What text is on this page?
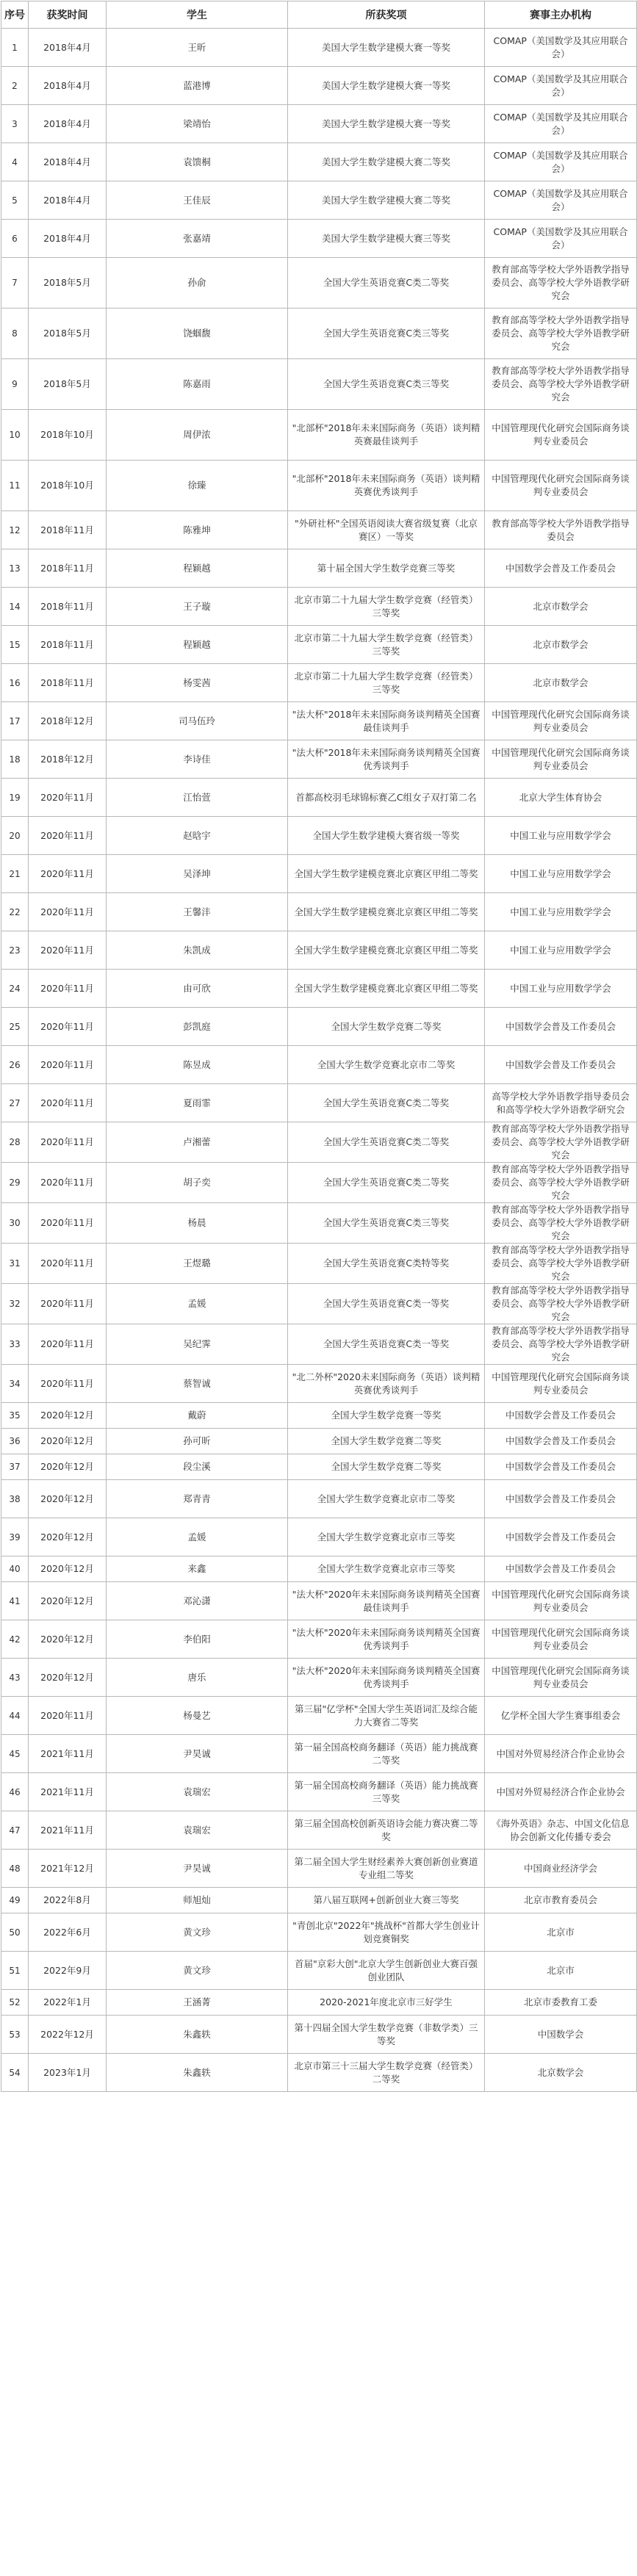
序号	获奖时间	学生	所获奖项	赛事主办机构
1	2018年4月	王昕	美国大学生数学建模大赛一等奖	COMAP（美国数学及其应用联合会）
2	2018年4月	蓝港博	美国大学生数学建模大赛一等奖	COMAP（美国数学及其应用联合会）
3	2018年4月	梁靖怡	美国大学生数学建模大赛一等奖	COMAP（美国数学及其应用联合会）
4	2018年4月	袁馈桐	美国大学生数学建模大赛二等奖	COMAP（美国数学及其应用联合会）
5	2018年4月	王佳辰	美国大学生数学建模大赛二等奖	COMAP（美国数学及其应用联合会）
6	2018年4月	张嘉靖	美国大学生数学建模大赛三等奖	COMAP（美国数学及其应用联合会）
7	2018年5月	孙俞	全国大学生英语竞赛C类二等奖	教育部高等学校大学外语教学指导委员会、高等学校大学外语教学研究会
8	2018年5月	饶蝈馥	全国大学生英语竞赛C类三等奖	教育部高等学校大学外语教学指导委员会、高等学校大学外语教学研究会
9	2018年5月	陈嘉雨	全国大学生英语竞赛C类三等奖	教育部高等学校大学外语教学指导委员会、高等学校大学外语教学研究会
10	2018年10月	周伊浓	"北部杯"2018年未来国际商务（英语）谈判精英赛最佳谈判手	中国管理现代化研究会国际商务谈判专业委员会
11	2018年10月	徐臻	"北部杯"2018年未来国际商务（英语）谈判精英赛优秀谈判手	中国管理现代化研究会国际商务谈判专业委员会
12	2018年11月	陈雅坤	"外研社杯"全国英语阅读大赛省级复赛（北京赛区）一等奖	教育部高等学校大学外语教学指导委员会
13	2018年11月	程颖越	第十届全国大学生数学竞赛三等奖	中国数学会普及工作委员会
14	2018年11月	王子璇	北京市第二十九届大学生数学竞赛（经管类）三等奖	北京市数学会
15	2018年11月	程颖越	北京市第二十九届大学生数学竞赛（经管类）三等奖	北京市数学会
16	2018年11月	杨雯茜	北京市第二十九届大学生数学竞赛（经管类）三等奖	北京市数学会
17	2018年12月	司马伍玲	"法大杯"2018年未来国际商务谈判精英全国赛最佳谈判手	中国管理现代化研究会国际商务谈判专业委员会
18	2018年12月	李诗佳	"法大杯"2018年未来国际商务谈判精英全国赛优秀谈判手	中国管理现代化研究会国际商务谈判专业委员会
19	2020年11月	江怡萱	首都高校羽毛球锦标赛乙C组女子双打第二名	北京大学生体育协会
20	2020年11月	赵晗宇	全国大学生数学建模大赛省级一等奖	中国工业与应用数学学会
21	2020年11月	吴泽坤	全国大学生数学建模竞赛北京赛区甲组二等奖	中国工业与应用数学学会
22	2020年11月	王馨沣	全国大学生数学建模竞赛北京赛区甲组二等奖	中国工业与应用数学学会
23	2020年11月	朱凯成	全国大学生数学建模竞赛北京赛区甲组二等奖	中国工业与应用数学学会
24	2020年11月	由可欣	全国大学生数学建模竞赛北京赛区甲组二等奖	中国工业与应用数学学会
25	2020年11月	彭凯庭	全国大学生数学竞赛二等奖	中国数学会普及工作委员会
26	2020年11月	陈昱成	全国大学生数学竞赛北京市二等奖	中国数学会普及工作委员会
27	2020年11月	夏雨霏	全国大学生英语竞赛C类二等奖	高等学校大学外语教学指导委员会和高等学校大学外语教学研究会
28	2020年11月	卢湘蕾	全国大学生英语竞赛C类二等奖	教育部高等学校大学外语教学指导委员会、高等学校大学外语教学研究会
29	2020年11月	胡子奕	全国大学生英语竞赛C类二等奖	教育部高等学校大学外语教学指导委员会、高等学校大学外语教学研究会
30	2020年11月	杨晨	全国大学生英语竞赛C类三等奖	教育部高等学校大学外语教学指导委员会、高等学校大学外语教学研究会
31	2020年11月	王煜璐	全国大学生英语竞赛C类特等奖	教育部高等学校大学外语教学指导委员会、高等学校大学外语教学研究会
32	2020年11月	孟媛	全国大学生英语竞赛C类一等奖	教育部高等学校大学外语教学指导委员会、高等学校大学外语教学研究会
33	2020年11月	吴纪霁	全国大学生英语竞赛C类一等奖	教育部高等学校大学外语教学指导委员会、高等学校大学外语教学研究会
34	2020年11月	蔡智诚	"北二外杯"2020未来国际商务（英语）谈判精英赛优秀谈判手	中国管理现代化研究会国际商务谈判专业委员会
35	2020年12月	戴蔚	全国大学生数学竞赛一等奖	中国数学会普及工作委员会
36	2020年12月	孙可昕	全国大学生数学竞赛二等奖	中国数学会普及工作委员会
37	2020年12月	段尘溪	全国大学生数学竞赛二等奖	中国数学会普及工作委员会
38	2020年12月	郑青青	全国大学生数学竞赛北京市二等奖	中国数学会普及工作委员会
39	2020年12月	孟媛	全国大学生数学竞赛北京市三等奖	中国数学会普及工作委员会
40	2020年12月	来鑫	全国大学生数学竞赛北京市三等奖	中国数学会普及工作委员会
41	2020年12月	邓沁潇	"法大杯"2020年未来国际商务谈判精英全国赛最佳谈判手	中国管理现代化研究会国际商务谈判专业委员会
42	2020年12月	李伯阳	"法大杯"2020年未来国际商务谈判精英全国赛优秀谈判手	中国管理现代化研究会国际商务谈判专业委员会
43	2020年12月	唐乐	"法大杯"2020年未来国际商务谈判精英全国赛优秀谈判手	中国管理现代化研究会国际商务谈判专业委员会
44	2020年11月	杨曼艺	第三届"亿学杯"全国大学生英语词汇及综合能力大赛省二等奖	亿学杯全国大学生赛事组委会
45	2021年11月	尹昊诚	第一届全国高校商务翻译（英语）能力挑战赛二等奖	中国对外贸易经济合作企业协会
46	2021年11月	袁瑞宏	第一届全国高校商务翻译（英语）能力挑战赛三等奖	中国对外贸易经济合作企业协会
47	2021年11月	袁瑞宏	第三届全国高校创新英语诗会能力赛决赛二等奖	《海外英语》杂志、中国文化信息协会创新文化传播专委会
48	2021年12月	尹昊诚	第二届全国大学生财经素养大赛创新创业赛道专业组二等奖	中国商业经济学会
49	2022年8月	师旭灿	第八届互联网+创新创业大赛三等奖	北京市教育委员会
50	2022年6月	黄文珍	"青创北京"2022年"挑战杯"首都大学生创业计划竞赛铜奖	北京市
51	2022年9月	黄文珍	首届"京彩大创"北京大学生创新创业大赛百强创业团队	北京市
52	2022年1月	王涵菁	2020-2021年度北京市三好学生	北京市委教育工委
53	2022年12月	朱鑫轶	第十四届全国大学生数学竞赛（非数学类）三等奖	中国数学会
54	2023年1月	朱鑫轶	北京市第三十三届大学生数学竞赛（经管类）二等奖	北京数学会
